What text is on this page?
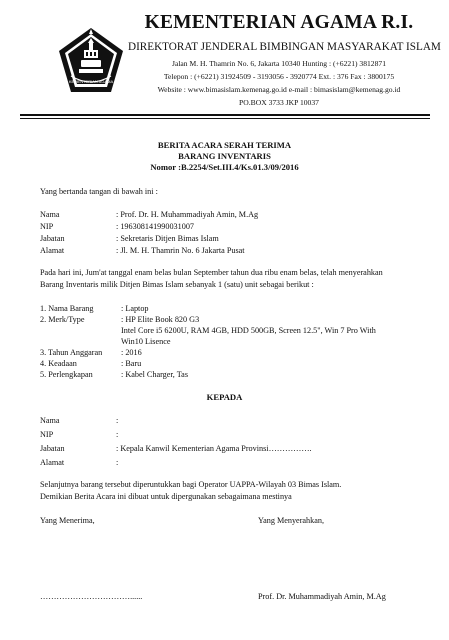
KEMENTERIAN AGAMA
KEMENTERIAN AGAMA R.I.
DIREKTORAT JENDERAL BIMBINGAN MASYARAKAT ISLAM
Jalan M. H. Thamrin No. 6, Jakarta 10340 Hunting : (+6221) 3812871
Telepon : (+6221) 31924509 - 3193056 - 3920774 Ext. : 376 Fax : 3800175
Website : www.bimasislam.kemenag.go.id e-mail : bimasislam@kemenag.go.id
PO.BOX 3733 JKP 10037
BERITA ACARA SERAH TERIMA
BARANG INVENTARIS
Nomor :B.2254/Set.III.4/Ks.01.3/09/2016
Yang bertanda tangan di bawah ini :
Nama	: Prof. Dr. H. Muhammadiyah Amin, M.Ag
NIP	: 196308141990031007
Jabatan	: Sekretaris Ditjen Bimas Islam
Alamat	: Jl. M. H. Thamrin No. 6 Jakarta Pusat
Pada hari ini, Jum'at tanggal enam belas bulan September tahun dua ribu enam belas, telah menyerahkan
Barang Inventaris milik Ditjen Bimas Islam sebanyak 1 (satu) unit sebagai berikut :
1. Nama Barang	: Laptop
2. Merk/Type	: HP Elite Book 820 G3
Intel Core i5 6200U, RAM 4GB, HDD 500GB, Screen 12.5", Win 7 Pro With
Win10 Lisence
3. Tahun Anggaran : 2016
4. Keadaan	: Baru
5. Perlengkapan	: Kabel Charger, Tas
KEPADA
Nama	:
NIP	:
Jabatan	: Kepala Kanwil Kementerian Agama Provinsi…………….
Alamat	:
Selanjutnya barang tersebut diperuntukkan bagi Operator UAPPA-Wilayah 03 Bimas Islam.
Demikian Berita Acara ini dibuat untuk dipergunakan sebagaimana mestinya
Yang Menerima,	Yang Menyerahkan,
……………………………......	Prof. Dr. Muhammadiyah Amin, M.Ag
